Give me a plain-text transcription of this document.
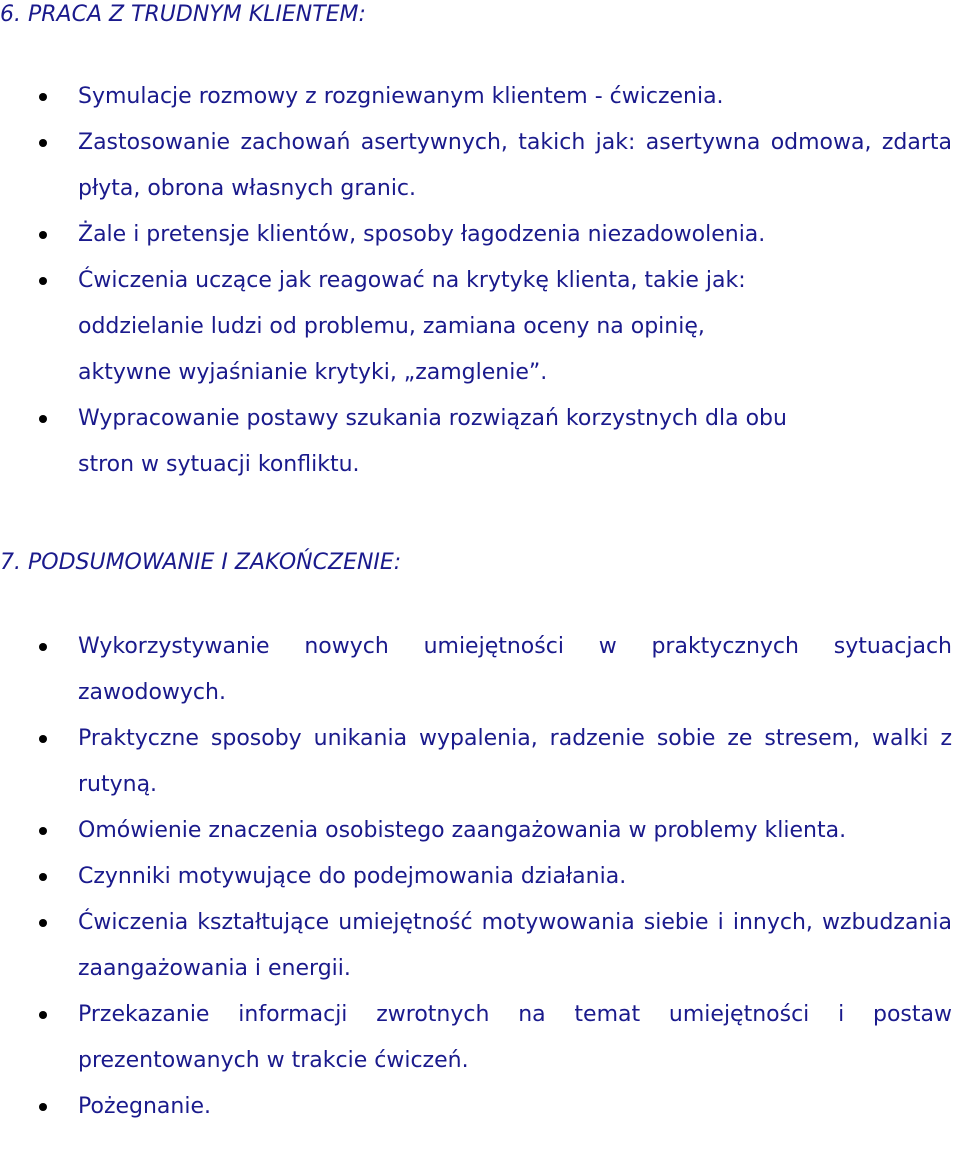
6. PRACA Z TRUDNYM KLIENTEM:
Symulacje rozmowy z rozgniewanym klientem - ćwiczenia.
Zastosowanie zachowań asertywnych, takich jak: asertywna odmowa, zdarta płyta, obrona własnych granic.
Żale i pretensje klientów, sposoby łagodzenia niezadowolenia.
Ćwiczenia uczące jak reagować na krytykę klienta, takie jak: oddzielanie ludzi od problemu, zamiana oceny na opinię, aktywne wyjaśnianie krytyki, „zamglenie”.
Wypracowanie postawy szukania rozwiązań korzystnych dla obu stron w sytuacji konfliktu.
7. PODSUMOWANIE I ZAKOŃCZENIE:
Wykorzystywanie nowych umiejętności w praktycznych sytuacjach zawodowych.
Praktyczne sposoby unikania wypalenia, radzenie sobie ze stresem, walki z rutyną.
Omówienie znaczenia osobistego zaangażowania w problemy klienta.
Czynniki motywujące do podejmowania działania.
Ćwiczenia kształtujące umiejętność motywowania siebie i innych, wzbudzania zaangażowania i energii.
Przekazanie informacji zwrotnych na temat umiejętności i postaw prezentowanych w trakcie ćwiczeń.
Pożegnanie.
